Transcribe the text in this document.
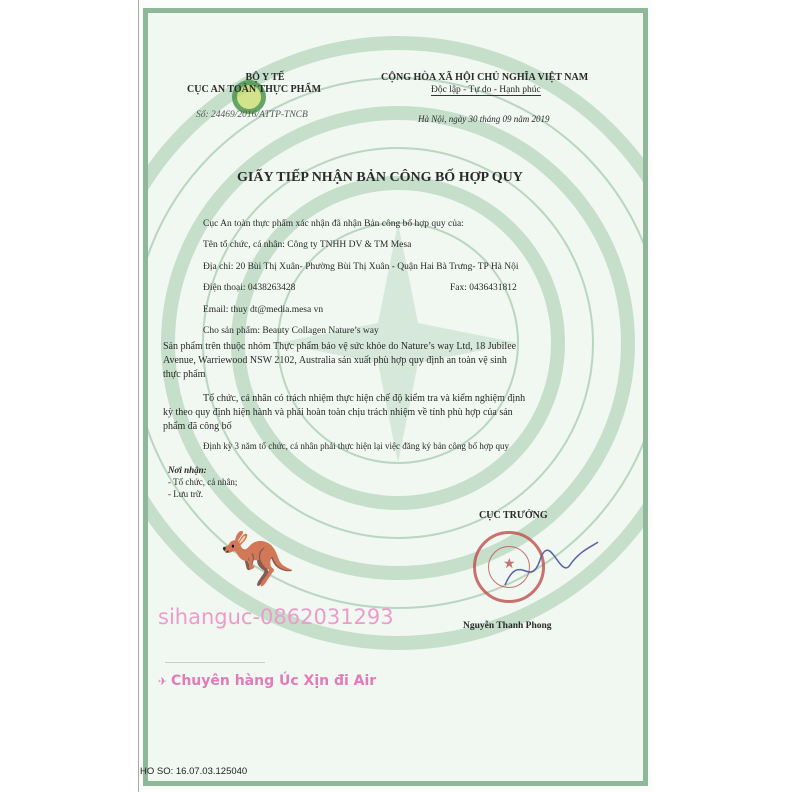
BỘ Y TẾ
CỤC AN TOÀN THỰC PHẨM
Số: 24469/2016/ATTP-TNCB
CỘNG HÒA XÃ HỘI CHỦ NGHĨA VIỆT NAM
Độc lập - Tự do - Hạnh phúc
Hà Nội, ngày 30 tháng 09 năm 2019
GIẤY TIẾP NHẬN BẢN CÔNG BỐ HỢP QUY
Cục An toàn thực phẩm xác nhận đã nhận Bản công bố hợp quy của:
Tên tổ chức, cá nhân: Công ty TNHH DV & TM Mesa
Địa chỉ: 20 Bùi Thị Xuân- Phường Bùi Thị Xuân - Quận Hai Bà Trưng- TP Hà Nội
Điện thoại: 0438263428	Fax: 0436431812
Email: thuy dt@media.mesa vn
Cho sản phẩm: Beauty Collagen Nature’s way
Sản phẩm trên thuộc nhóm Thực phẩm bảo vệ sức khỏe do Nature’s way Ltd, 18 Jubilee
Avenue, Warriewood NSW 2102, Australia sản xuất phù hợp quy định an toàn vệ sinh
thực phẩm
Tổ chức, cá nhân có trách nhiệm thực hiện chế độ kiểm tra và kiểm nghiệm định
kỳ theo quy định hiện hành và phải hoàn toàn chịu trách nhiệm về tính phù hợp của sản
phẩm đã công bố
Định kỳ 3 năm tổ chức, cá nhân phải thực hiện lại việc đăng ký bản công bố hợp quy
Nơi nhận:
- Tổ chức, cá nhân;
- Lưu trữ.
CỤC TRƯỞNG
★
Nguyễn Thanh Phong
🦘
sihanguc-0862031293
✈ Chuyên hàng Úc Xịn đi Air
HO SO: 16.07.03.125040
